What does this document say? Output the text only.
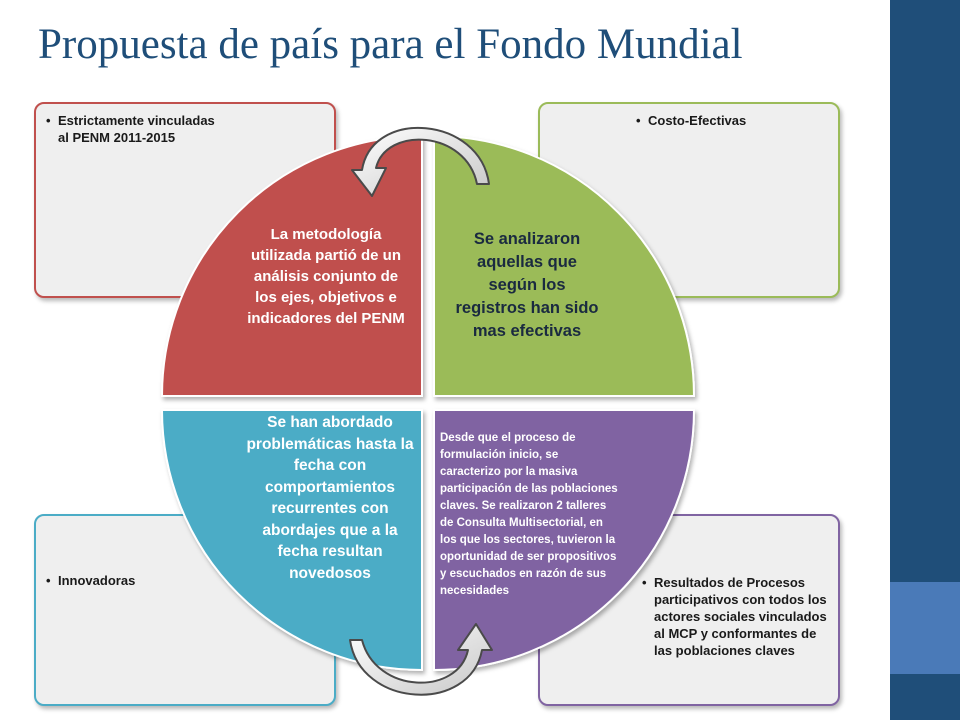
Propuesta de país para el Fondo Mundial
• Estrictamente vinculadas al PENM 2011-2015
• Costo-Efectivas
• Innovadoras
•	Resultados de Procesos participativos con todos los actores sociales vinculados al MCP y conformantes de las poblaciones claves
La metodología utilizada partió de un análisis conjunto de los ejes, objetivos e indicadores del PENM
Se analizaron aquellas que según los registros han sido mas efectivas
Se han abordado problemáticas hasta la fecha con comportamientos recurrentes con abordajes que a la fecha resultan novedosos
Desde que el proceso de formulación inicio, se caracterizo por la masiva participación de las poblaciones claves. Se realizaron 2 talleres de Consulta Multisectorial, en los que los sectores, tuvieron la oportunidad de ser propositivos y escuchados en razón de sus necesidades
